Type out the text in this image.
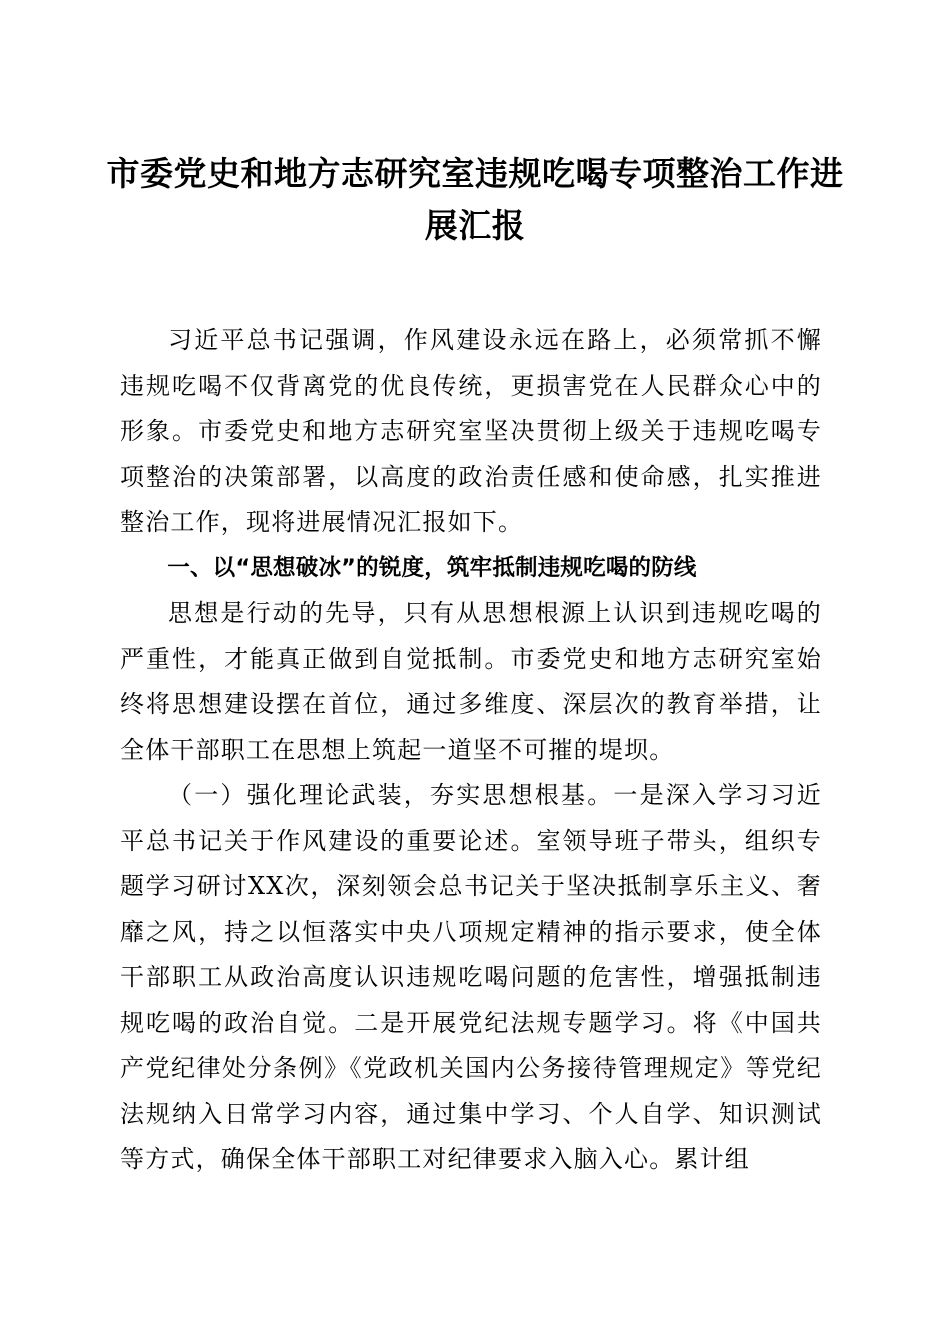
市委党史和地方志研究室违规吃喝专项整治工作进展汇报

习近平总书记强调，作风建设永远在路上，必须常抓不懈违规吃喝不仅背离党的优良传统，更损害党在人民群众心中的形象。市委党史和地方志研究室坚决贯彻上级关于违规吃喝专项整治的决策部署，以高度的政治责任感和使命感，扎实推进整治工作，现将进展情况汇报如下。

一、以“思想破冰”的锐度，筑牢抵制违规吃喝的防线

思想是行动的先导，只有从思想根源上认识到违规吃喝的严重性，才能真正做到自觉抵制。市委党史和地方志研究室始终将思想建设摆在首位，通过多维度、深层次的教育举措，让全体干部职工在思想上筑起一道坚不可摧的堤坝。

（一）强化理论武装，夯实思想根基。一是深入学习习近平总书记关于作风建设的重要论述。室领导班子带头，组织专题学习研讨XX次，深刻领会总书记关于坚决抵制享乐主义、奢靡之风，持之以恒落实中央八项规定精神的指示要求，使全体干部职工从政治高度认识违规吃喝问题的危害性，增强抵制违规吃喝的政治自觉。二是开展党纪法规专题学习。将《中国共产党纪律处分条例》《党政机关国内公务接待管理规定》等党纪法规纳入日常学习内容，通过集中学习、个人自学、知识测试等方式，确保全体干部职工对纪律要求入脑入心。累计组
